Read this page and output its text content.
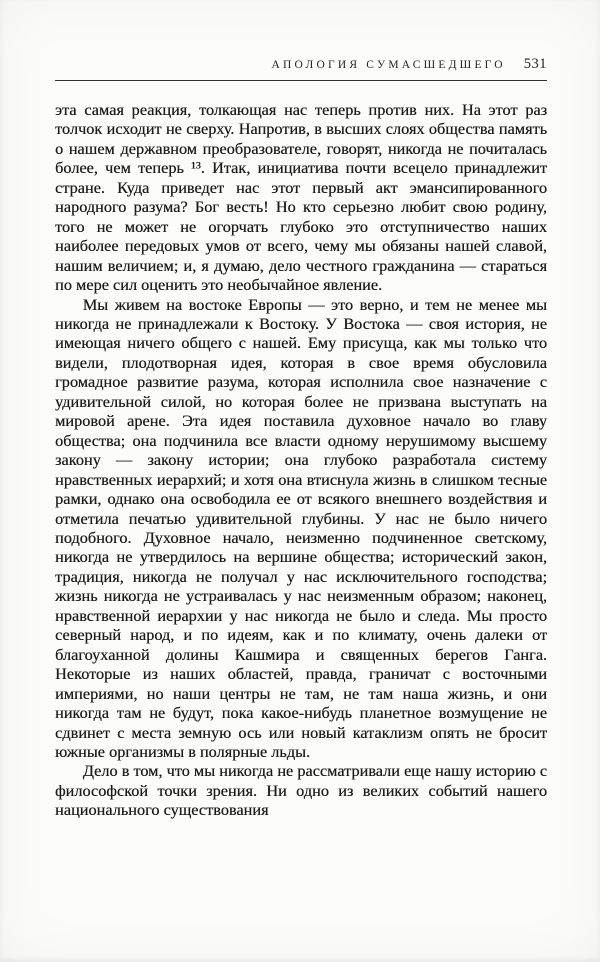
АПОЛОГИЯ СУМАСШЕДШЕГО 531

эта самая реакция, толкающая нас теперь против них. На этот раз толчок исходит не сверху. Напротив, в высших слоях общества память о нашем державном преобразователе, говорят, никогда не почиталась более, чем теперь ¹³. Итак, инициатива почти всецело принадлежит стране. Куда приведет нас этот первый акт эмансипированного народного разума? Бог весть! Но кто серьезно любит свою родину, того не может не огорчать глубоко это отступничество наших наиболее передовых умов от всего, чему мы обязаны нашей славой, нашим величием; и, я думаю, дело честного гражданина — стараться по мере сил оценить это необычайное явление.

Мы живем на востоке Европы — это верно, и тем не менее мы никогда не принадлежали к Востоку. У Востока — своя история, не имеющая ничего общего с нашей. Ему присуща, как мы только что видели, плодотворная идея, которая в свое время обусловила громадное развитие разума, которая исполнила свое назначение с удивительной силой, но которая более не призвана выступать на мировой арене. Эта идея поставила духовное начало во главу общества; она подчинила все власти одному нерушимому высшему закону — закону истории; она глубоко разработала систему нравственных иерархий; и хотя она втиснула жизнь в слишком тесные рамки, однако она освободила ее от всякого внешнего воздействия и отметила печатью удивительной глубины. У нас не было ничего подобного. Духовное начало, неизменно подчиненное светскому, никогда не утвердилось на вершине общества; исторический закон, традиция, никогда не получал у нас исключительного господства; жизнь никогда не устраивалась у нас неизменным образом; наконец, нравственной иерархии у нас никогда не было и следа. Мы просто северный народ, и по идеям, как и по климату, очень далеки от благоуханной долины Кашмира и священных берегов Ганга. Некоторые из наших областей, правда, граничат с восточными империями, но наши центры не там, не там наша жизнь, и они никогда там не будут, пока какое-нибудь планетное возмущение не сдвинет с места земную ось или новый катаклизм опять не бросит южные организмы в полярные льды.

Дело в том, что мы никогда не рассматривали еще нашу историю с философской точки зрения. Ни одно из великих событий нашего национального существования
